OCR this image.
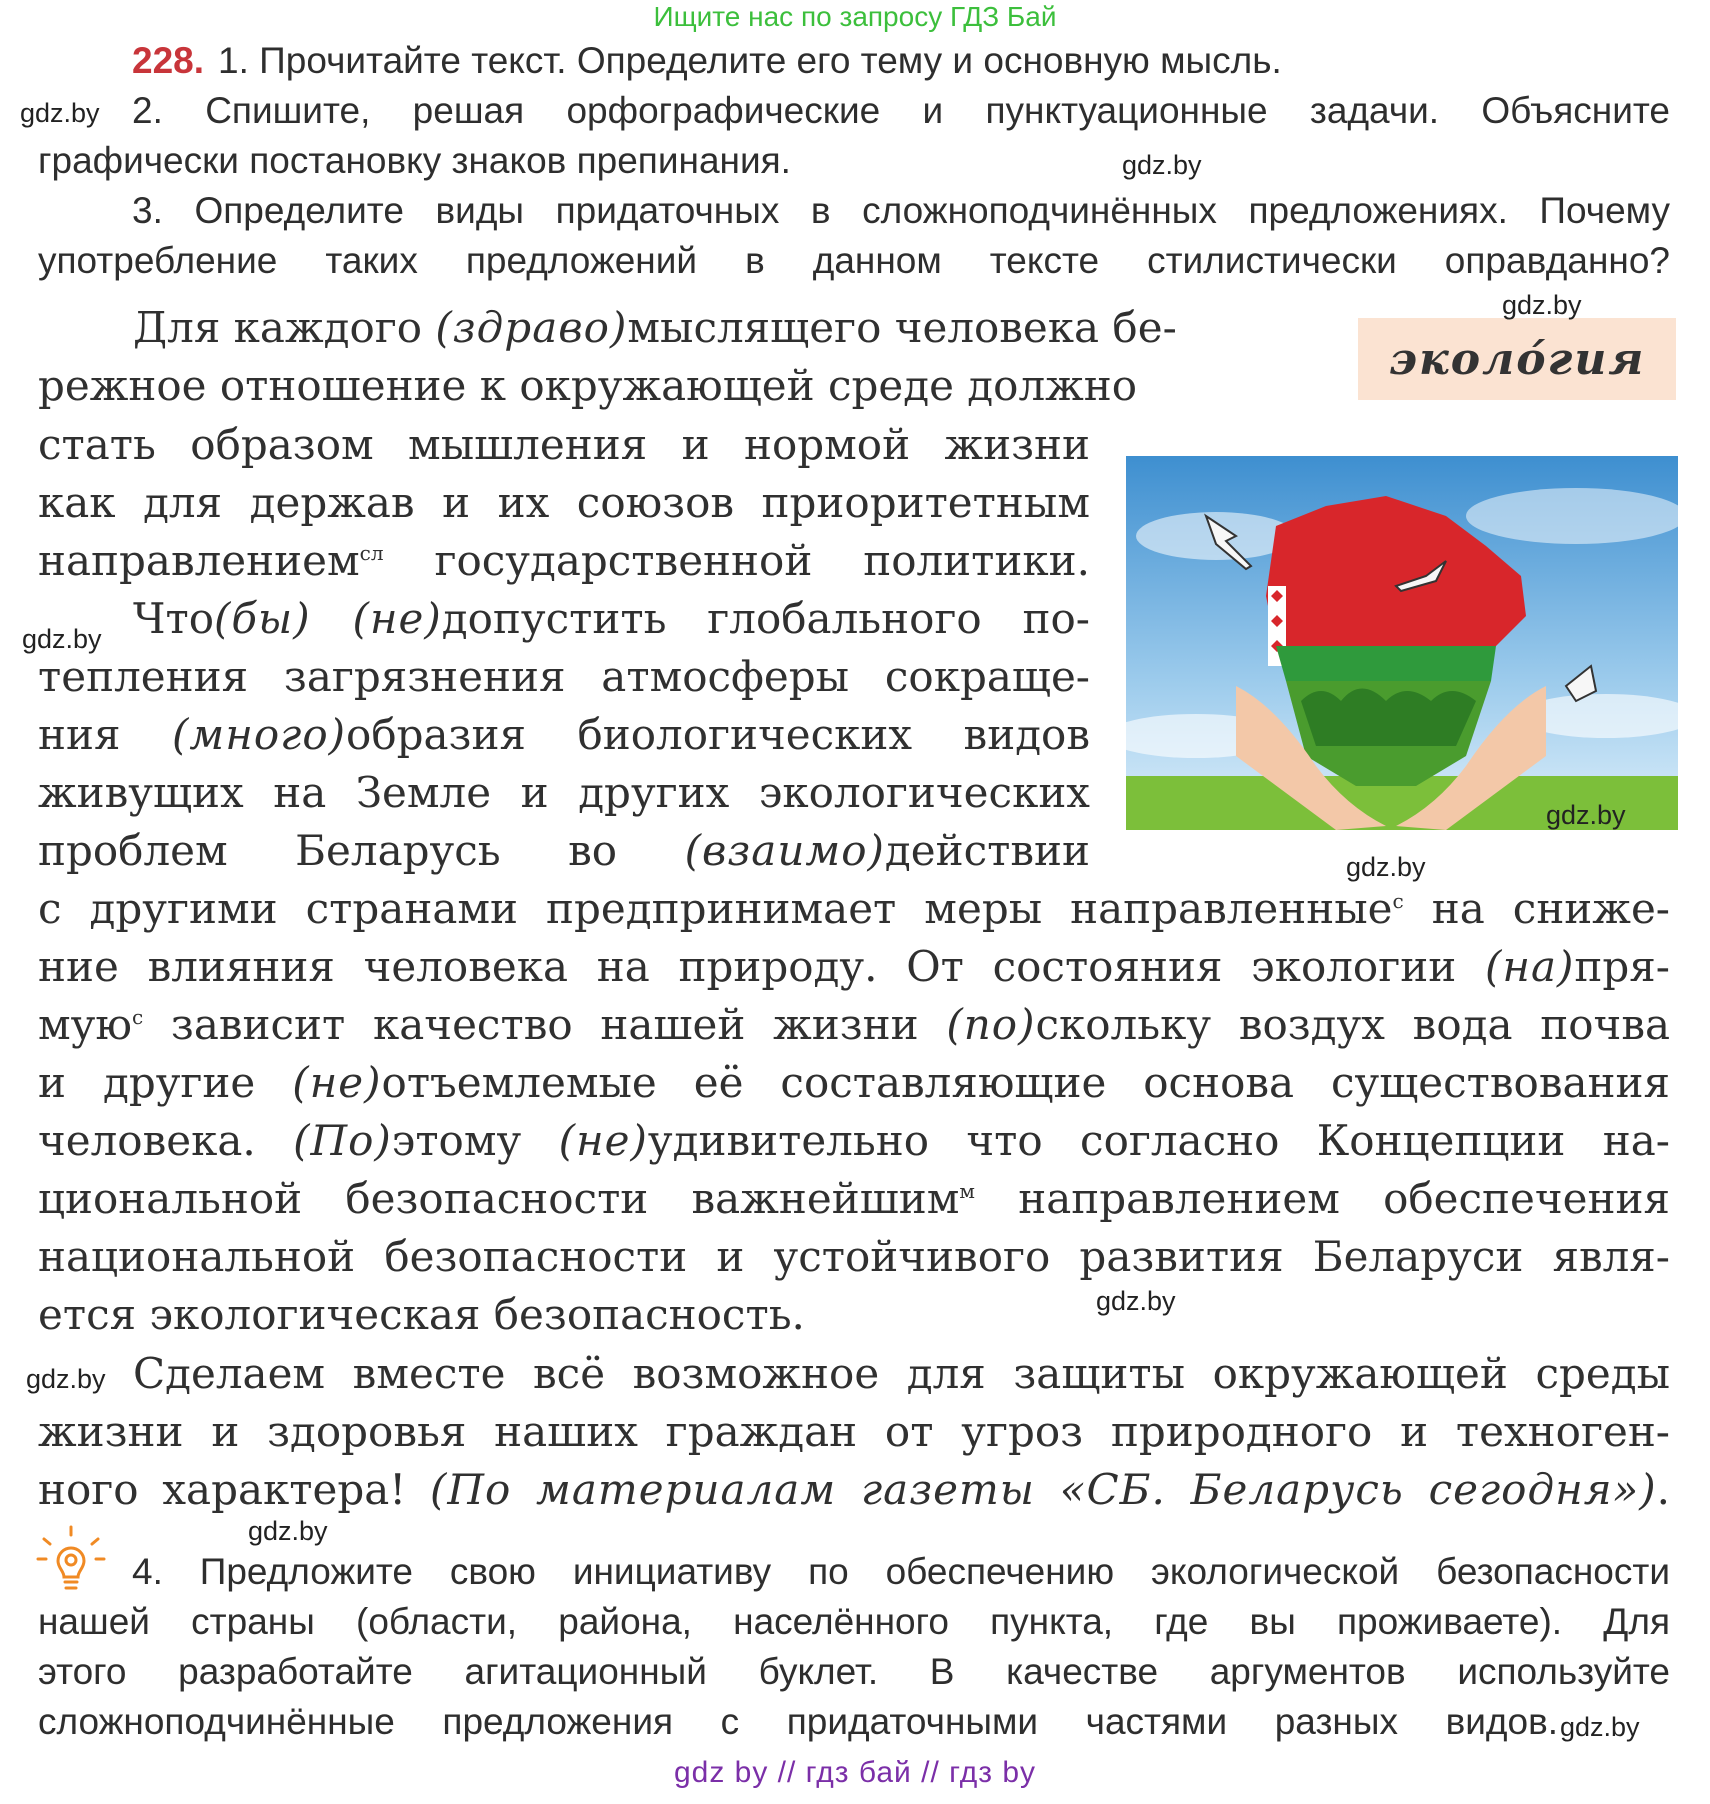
Ищите нас по запросу ГДЗ Бай
228. 1. Прочитайте текст. Определите его тему и основную мысль.
2. Спишите, решая орфографические и пунктуационные задачи. Объясните
графически постановку знаков препинания.
3. Определите виды придаточных в сложноподчинённых предложениях. Почему
употребление таких предложений в данном тексте стилистически оправданно?
эколо́гия
Для каждого (здраво)мыслящего человека бе-
режное отношение к окружающей среде должно
стать образом мышления и нормой жизни
как для держав и их союзов приоритетным
направлением$^{сл}$ государственной политики.
Что(бы) (не)допустить глобального по-
тепления загрязнения атмосферы сокраще-
ния (много)образия биологических видов
живущих на Земле и других экологических
проблем Беларусь во (взаимо)действии
с другими странами предпринимает меры направленные$^с$ на сниже-
ние влияния человека на природу. От состояния экологии (на)пря-
мую$^с$ зависит качество нашей жизни (по)скольку воздух вода почва
и другие (не)отъемлемые её составляющие основа существования
человека. (По)этому (не)удивительно что согласно Концепции на-
циональной безопасности важнейшим$^м$ направлением обеспечения
национальной безопасности и устойчивого развития Беларуси явля-
ется экологическая безопасность.
Сделаем вместе всё возможное для защиты окружающей среды
жизни и здоровья наших граждан от угроз природного и техноген-
ного характера! (По материалам газеты «СБ. Беларусь сегодня»).
4. Предложите свою инициативу по обеспечению экологической безопасности
нашей страны (области, района, населённого пункта, где вы проживаете). Для
этого разработайте агитационный буклет. В качестве аргументов используйте
сложноподчинённые предложения с придаточными частями разных видов.
gdz.by
gdz.by
gdz.by
gdz.by
gdz.by
gdz.by
gdz.by
gdz.by
gdz.by
gdz.by
gdz by // гдз бай // гдз by
